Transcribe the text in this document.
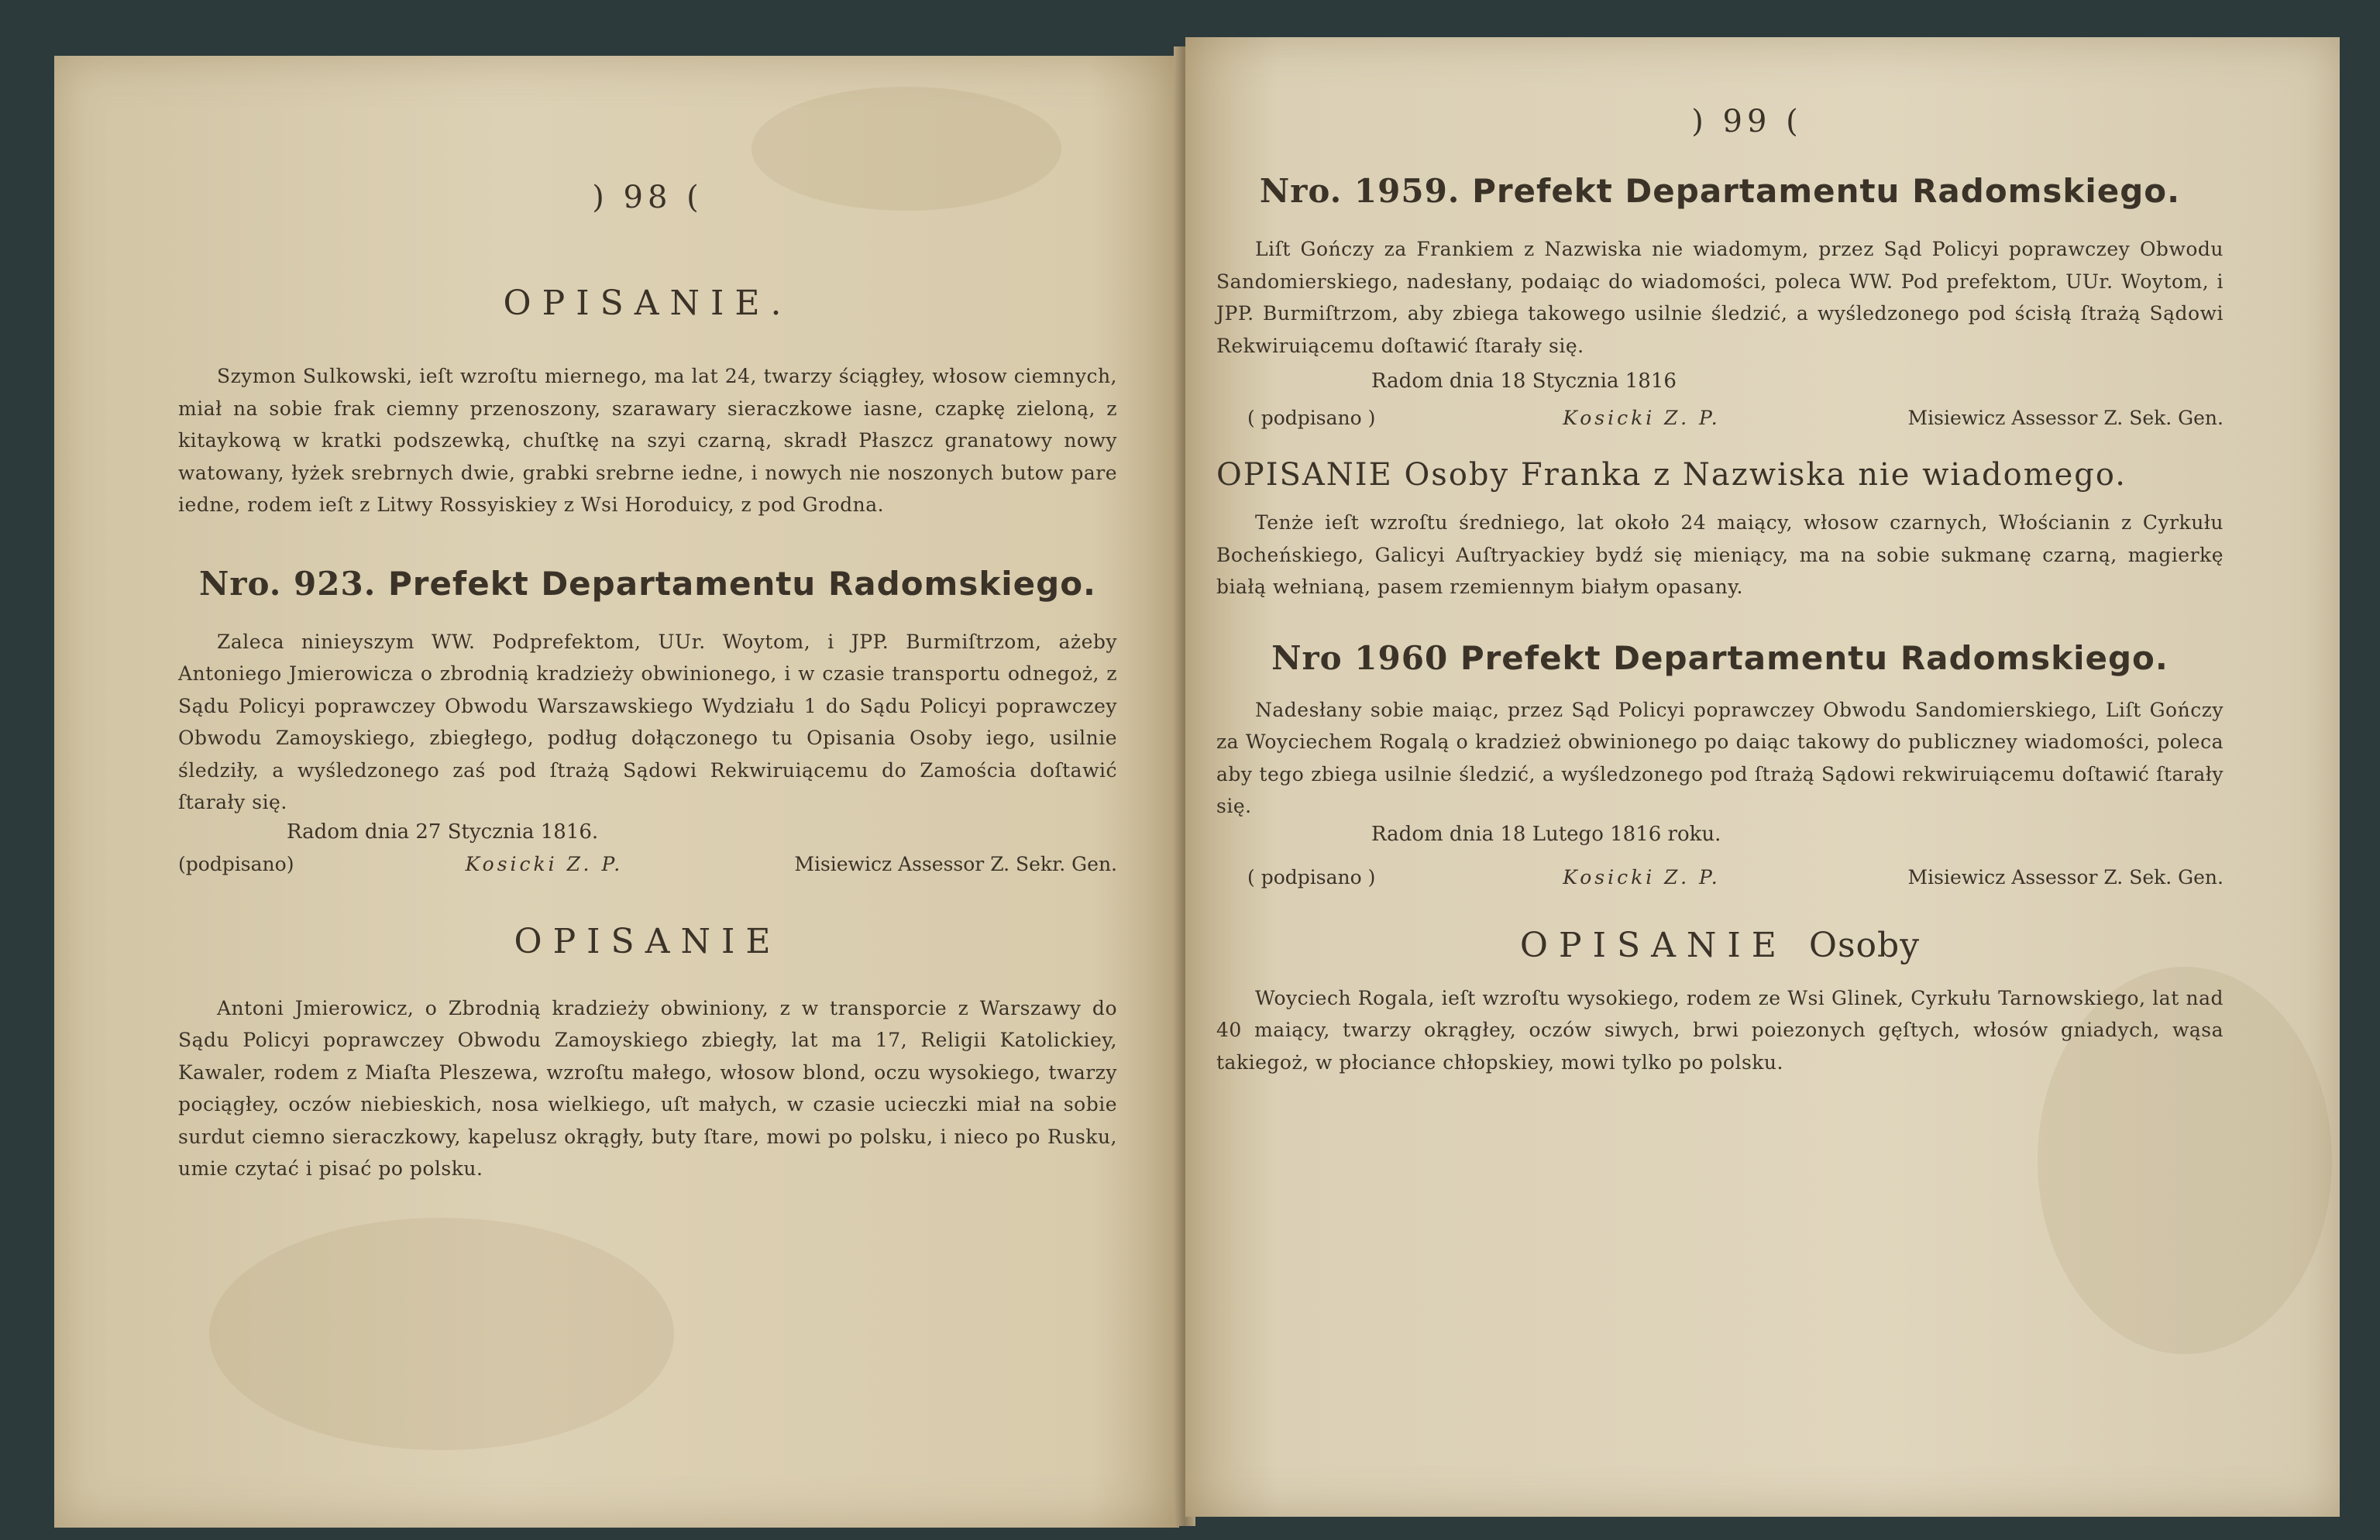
) 98 (

OPISANIE.

Szymon Sulkowski, ieſt wzroſtu miernego, ma lat 24, twarzy ściągłey, włosow ciemnych, miał na sobie frak ciemny przenoszony, szarawary sieraczkowe iasne, czapkę zieloną, z kitaykową w kratki podszewką, chuſtkę na szyi czarną, skradł Płaszcz granatowy nowy watowany, łyżek srebrnych dwie, grabki srebrne iedne, i nowych nie noszonych butow pare iedne, rodem ieſt z Litwy Rossyiskiey z Wsi Horoduicy, z pod Grodna.

Nro. 923. Prefekt Departamentu Radomskiego.

Zaleca ninieyszym WW. Podprefektom, UUr. Woytom, i JPP. Burmiſtrzom, ażeby Antoniego Jmierowicza o zbrodnią kradzieży obwinionego, i w czasie transportu odnegoż, z Sądu Policyi poprawczey Obwodu Warszawskiego Wydziału 1 do Sądu Policyi poprawczey Obwodu Zamoyskiego, zbiegłego, podług dołączonego tu Opisania Osoby iego, usilnie śledziły, a wyśledzonego zaś pod ſtrażą Sądowi Rekwiruiącemu do Zamościa doſtawić ſtarały się.

Radom dnia 27 Stycznia 1816.

(podpisano)	Kosicki Z. P.	Misiewicz Assessor Z. Sekr. Gen.

OPISANIE

Antoni Jmierowicz, o Zbrodnią kradzieży obwiniony, z w transporcie z Warszawy do Sądu Policyi poprawczey Obwodu Zamoyskiego zbiegły, lat ma 17, Religii Katolickiey, Kawaler, rodem z Miaſta Pleszewa, wzroſtu małego, włosow blond, oczu wysokiego, twarzy pociągłey, oczów niebieskich, nosa wielkiego, uſt małych, w czasie ucieczki miał na sobie surdut ciemno sieraczkowy, kapelusz okrągły, buty ſtare, mowi po polsku, i nieco po Rusku, umie czytać i pisać po polsku.

) 99 (

Nro. 1959. Prefekt Departamentu Radomskiego.

Liſt Gończy za Frankiem z Nazwiska nie wiadomym, przez Sąd Policyi poprawczey Obwodu Sandomierskiego, nadesłany, podaiąc do wiadomości, poleca WW. Pod prefektom, UUr. Woytom, i JPP. Burmiſtrzom, aby zbiega takowego usilnie śledzić, a wyśledzonego pod ścisłą ſtrażą Sądowi Rekwiruiącemu doſtawić ſtarały się.

Radom dnia 18 Stycznia 1816

( podpisano )	Kosicki Z. P.	Misiewicz Assessor Z. Sek. Gen.

OPISANIE Osoby Franka z Nazwiska nie wiadomego.

Tenże ieſt wzroſtu średniego, lat około 24 maiący, włosow czarnych, Włościanin z Cyrkułu Bocheńskiego, Galicyi Auſtryackiey bydź się mieniący, ma na sobie sukmanę czarną, magierkę białą wełnianą, pasem rzemiennym białym opasany.

Nro 1960 Prefekt Departamentu Radomskiego.

Nadesłany sobie maiąc, przez Sąd Policyi poprawczey Obwodu Sandomierskiego, Liſt Gończy za Woyciechem Rogalą o kradzież obwinionego po daiąc takowy do publiczney wiadomości, poleca aby tego zbiega usilnie śledzić, a wyśledzonego pod ſtrażą Sądowi rekwiruiącemu doſtawić ſtarały się.

Radom dnia 18 Lutego 1816 roku.

( podpisano )	Kosicki Z. P.	Misiewicz Assessor Z. Sek. Gen.

OPISANIE Osoby

Woyciech Rogala, ieſt wzroſtu wysokiego, rodem ze Wsi Glinek, Cyrkułu Tarnowskiego, lat nad 40 maiący, twarzy okrągłey, oczów siwych, brwi poiezonych gęſtych, włosów gniadych, wąsa takiegoż, w płociance chłopskiey, mowi tylko po polsku.
